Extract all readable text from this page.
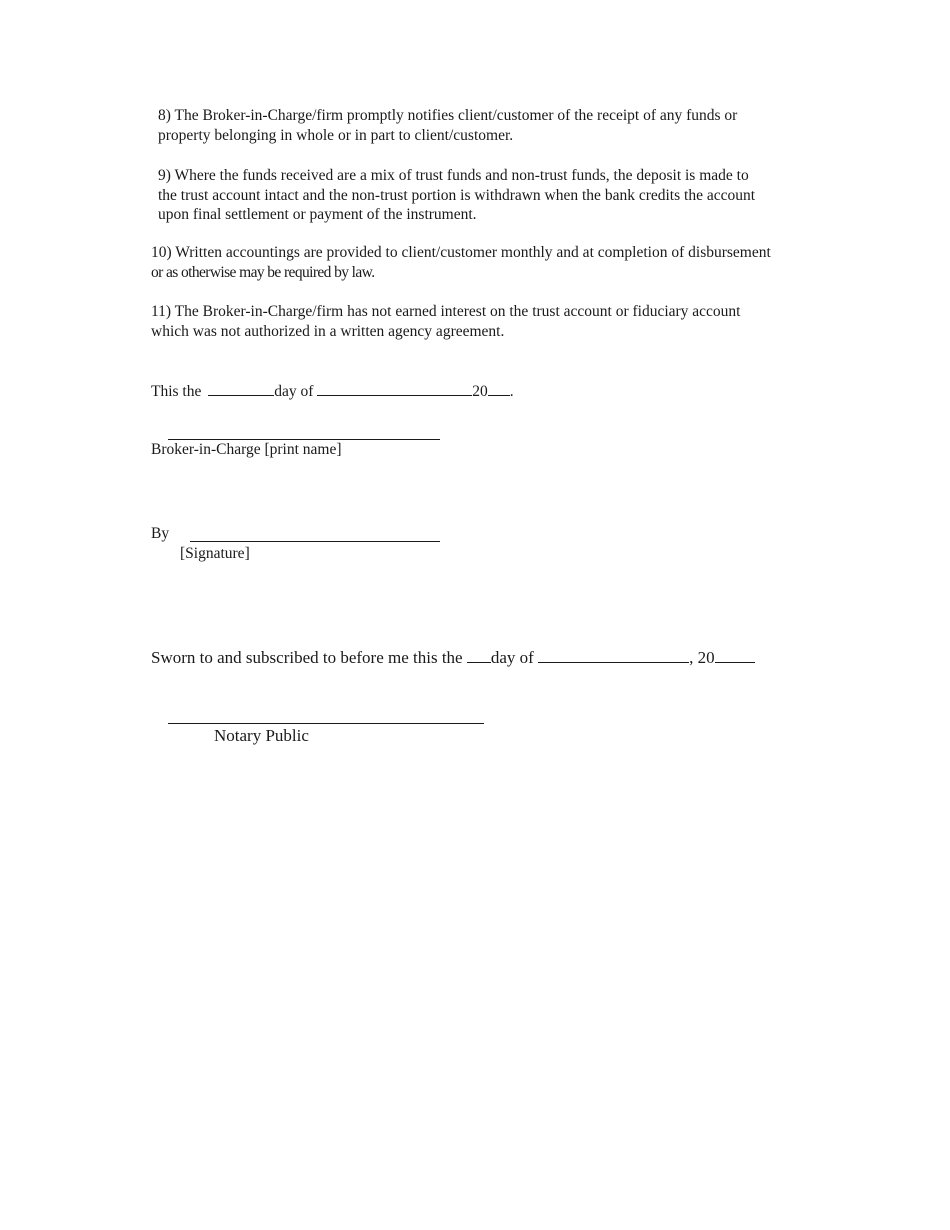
8) The Broker-in-Charge/firm promptly notifies client/customer of the receipt of any funds or
property belonging in whole or in part to client/customer.
9) Where the funds received are a mix of trust funds and non-trust funds, the deposit is made to
the trust account intact and the non-trust portion is withdrawn when the bank credits the account
upon final settlement or payment of the instrument.
10) Written accountings are provided to client/customer monthly and at completion of disbursement
or as otherwise may be required by law.
11) The Broker-in-Charge/firm has not earned interest on the trust account or fiduciary account
which was not authorized in a written agency agreement.
This the	day of	20 .
Broker-in-Charge [print name]
By
[Signature]
Sworn to and subscribed to before me this the day of	, 20
Notary Public
